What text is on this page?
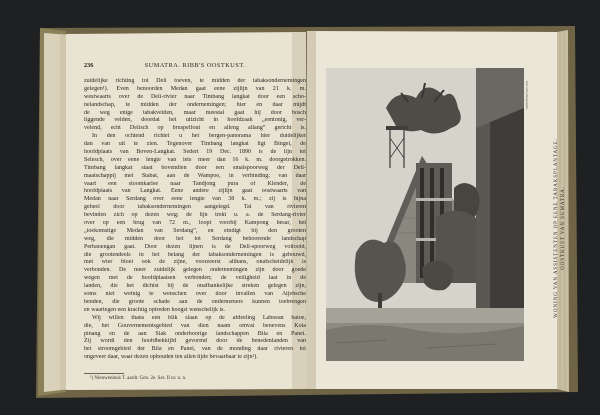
236	SUMATRA. RIBB'S OOSTKUST.
zuidelijke richting tot Deli toeven, te midden der tabaksondernemingen
gelegen¹). Even benoorden Medan gaat eene zijlijn van 21 k. m.
westwaarts over de Deli-rivier naar Timbang langkat door een scho-
nelandschap, te midden der ondernemingen; hier en daar mijdt
de weg enige tabakvelden, maar meestal gaat hij door bosch
liggende velden, doordat het uitzicht in hoofdzaak „eentonig, ver-
velend, echt Delisch op bruspelfout en alleng allang” gericht is.
In den ochtend richtet u het bergen-panorama hier duidelijker
dan van uit te zien. Tegenover Timbang langkat ligt Bingei, de
hoofdplaats van Boven-Langkat. Sedert 19 Dec. 1890 is de lijn tot
Selesch, over eene lengte van iets meer dan 16 k. m. doorgetrokken.
Timbang langkat staat bovendien door een smalspoorweg der Deli-
maatschappij met Stabat, aan de Wampoe, in verbinding; van daar
vaart een stoomkarlee naar Tandjong pura of Klender, de
hoofdplaats van Langkat. Eene andere zijlijn gaat oostwaarts van
Medan naar Serdang over eene lengte van 38 k. m.; zij is bijna
geheel door tabaksondernemingen aangelegd. Tal van rivieren
bevinden zich op dezen weg; de lijn trekt u. a. de Serdang-rivier
over op een brug van 72 m., loopt voorbij Kampong besar, het
„toekomstige Medan van Serdang”, en eindigt bij den grooten
weg, die midden door het tot Serdang behoorende landschap
Perbaoengan gaat. Door dezen lijnen is de Deli-spoorweg voltooid,
die grootendeels in het belang der tabaksondernemingen is gebouwd,
met wier bloei ook de zijne, voorzeerst althans, onafscheidelijk is
verbonden. De meer zuidelijk gelegen ondernemingen zijn door goede
wegen met de hoofdplaatsen verbonden; de veiligheid laat in de
landen, die het dichtst bij de onafhankelijke streken gelegen zijn,
soms niet weinig te wenschen over door invallen van Atjehsche
benden, die groote schade aan de ondernemers kunnen toebrengen
en waartegen een krachtig optreden hoogst wenschelijk is.
Wij willen thans een blik slaan op de afdeeling Laboean batoe,
die, het Gouvernementsgebied van dien naam omvat benevens Kota
pinang en de aan Siak onderhoorige landschappen Bila en Panei.
Zij wordt den hoofdbekkijfd gevormd door de benedenlanden van
het stroomgebied der Bila en Panei, van de monding daar rivieren tot
ongeveer daar, waar dezen ophouden ten allen tijde bevaarbaar te zijn¹).
¹) Nieuwenhuis T. aardr. Gen. 2e. Ser. II nr. n. n.
Naar eene photographie
WONING VAN ASSISTENTEN OP EENE TABAKSPLANTAGE. OOSTKUST VAN SUMATRA.
